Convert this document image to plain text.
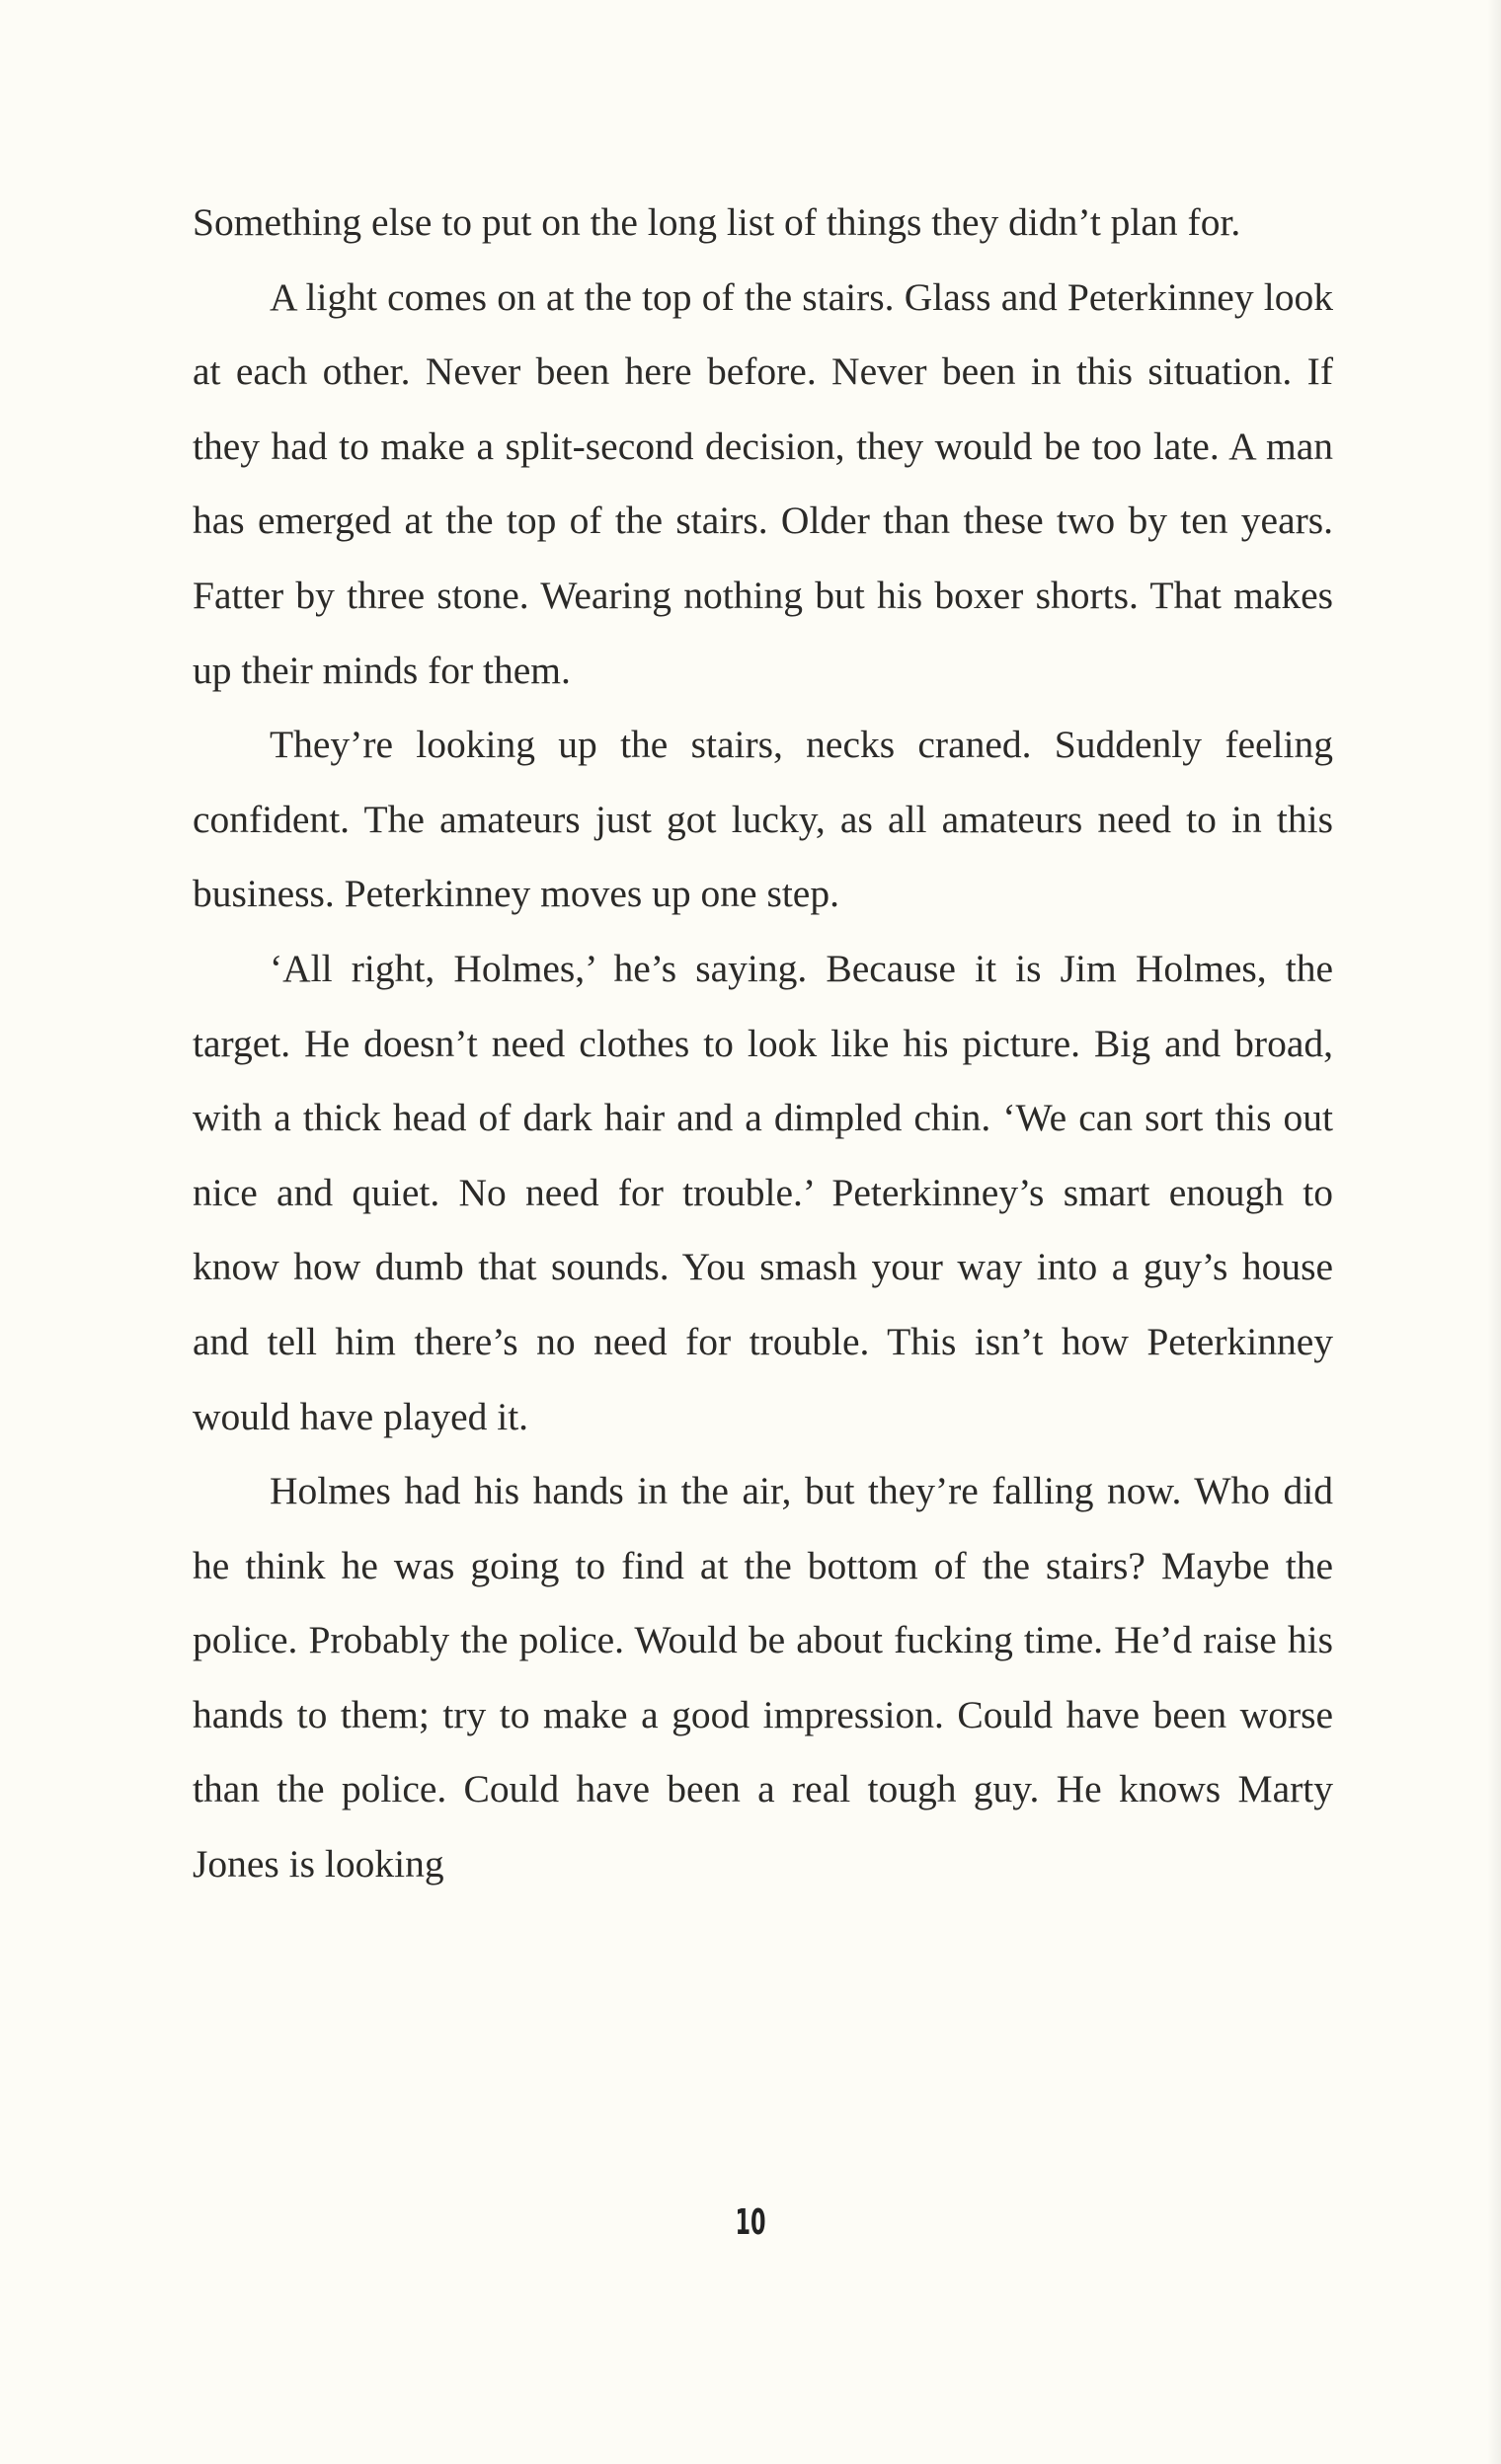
Something else to put on the long list of things they didn’t plan for.

A light comes on at the top of the stairs. Glass and Peterkinney look at each other. Never been here before. Never been in this situation. If they had to make a split-second decision, they would be too late. A man has emerged at the top of the stairs. Older than these two by ten years. Fatter by three stone. Wearing nothing but his boxer shorts. That makes up their minds for them.

They’re looking up the stairs, necks craned. Suddenly feeling confident. The amateurs just got lucky, as all amateurs need to in this business. Peterkinney moves up one step.

‘All right, Holmes,’ he’s saying. Because it is Jim Holmes, the target. He doesn’t need clothes to look like his picture. Big and broad, with a thick head of dark hair and a dimpled chin. ‘We can sort this out nice and quiet. No need for trouble.’ Peterkinney’s smart enough to know how dumb that sounds. You smash your way into a guy’s house and tell him there’s no need for trouble. This isn’t how Peterkinney would have played it.

Holmes had his hands in the air, but they’re falling now. Who did he think he was going to find at the bottom of the stairs? Maybe the police. Probably the police. Would be about fucking time. He’d raise his hands to them; try to make a good impression. Could have been worse than the police. Could have been a real tough guy. He knows Marty Jones is looking

10
